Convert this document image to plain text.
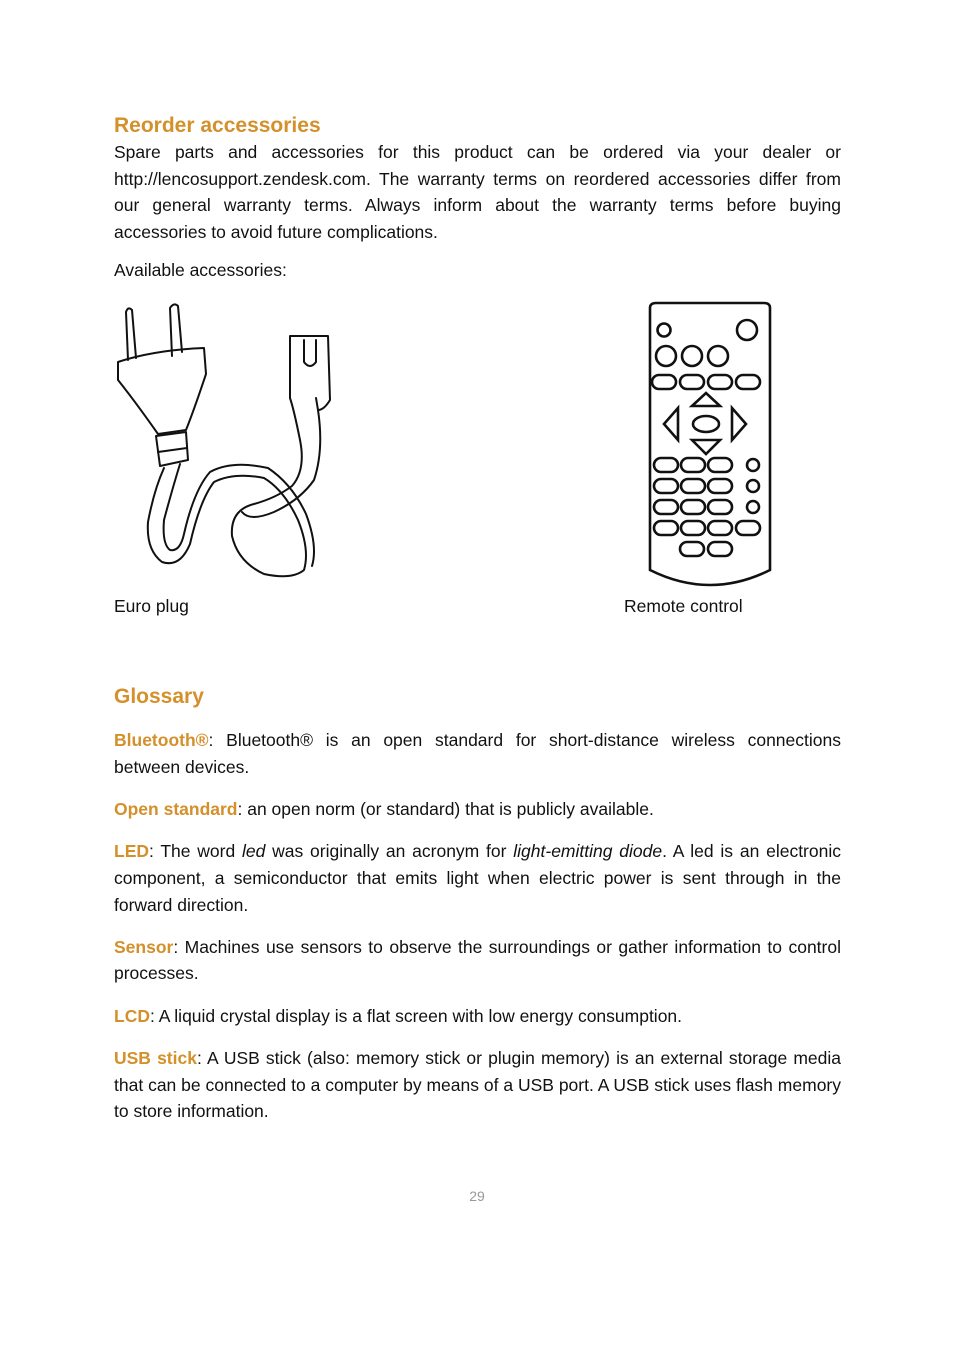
Reorder accessories

Spare parts and accessories for this product can be ordered via your dealer or http://lencosupport.zendesk.com. The warranty terms on reordered accessories differ from our general warranty terms. Always inform about the warranty terms before buying accessories to avoid future complications.

Available accessories:

Euro plug	Remote control
Glossary
Bluetooth®: Bluetooth® is an open standard for short-distance wireless connections between devices.
Open standard: an open norm (or standard) that is publicly available.
LED: The word led was originally an acronym for light-emitting diode. A led is an electronic component, a semiconductor that emits light when electric power is sent through in the forward direction.
Sensor: Machines use sensors to observe the surroundings or gather information to control processes.
LCD: A liquid crystal display is a flat screen with low energy consumption.
USB stick: A USB stick (also: memory stick or plugin memory) is an external storage media that can be connected to a computer by means of a USB port. A USB stick uses flash memory to store information.
29
